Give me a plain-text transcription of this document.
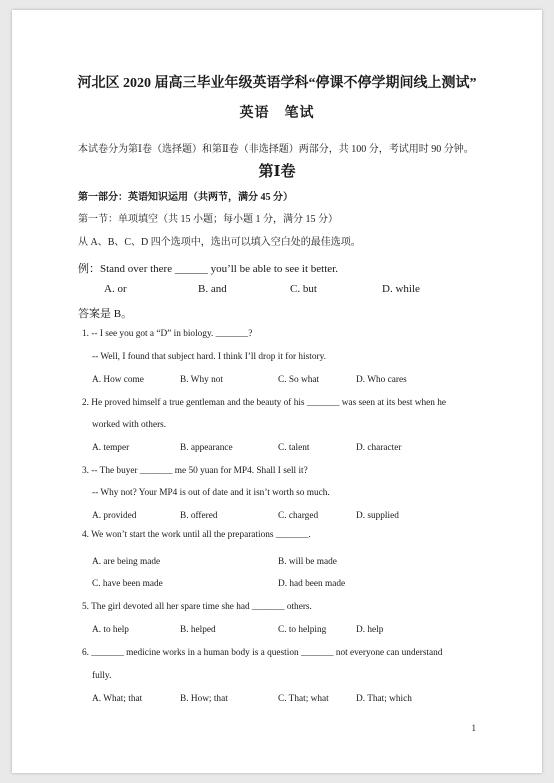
河北区 2020 届高三毕业年级英语学科“停课不停学期间线上测试”
英语　笔试
本试卷分为第Ⅰ卷（选择题）和第Ⅱ卷（非选择题）两部分，共 100 分，考试用时 90 分钟。
第Ⅰ卷
第一部分：英语知识运用（共两节，满分 45 分）
第一节：单项填空（共 15 小题；每小题 1 分，满分 15 分）
从 A、B、C、D 四个选项中，选出可以填入空白处的最佳选项。
例：Stand over there ______ you’ll be able to see it better.
A. or	B. and	C. but	D. while
答案是 B。
1. -- I see you got a “D” in biology. _______?
-- Well, I found that subject hard. I think I’ll drop it for history.
A. How come	B. Why not	C. So what	D. Who cares
2. He proved himself a true gentleman and the beauty of his _______ was seen at its best when he
worked with others.
A. temper	B. appearance	C. talent	D. character
3. -- The buyer _______ me 50 yuan for MP4. Shall I sell it?
-- Why not? Your MP4 is out of date and it isn’t worth so much.
A. provided	B. offered	C. charged	D. supplied
4. We won’t start the work until all the preparations _______.
A. are being made	B. will be made
C. have been made	D. had been made
5. The girl devoted all her spare time she had _______ others.
A. to help	B. helped	C. to helping	D. help
6. _______ medicine works in a human body is a question _______ not everyone can understand
fully.
A. What; that	B. How; that	C. That; what	D. That; which
1
